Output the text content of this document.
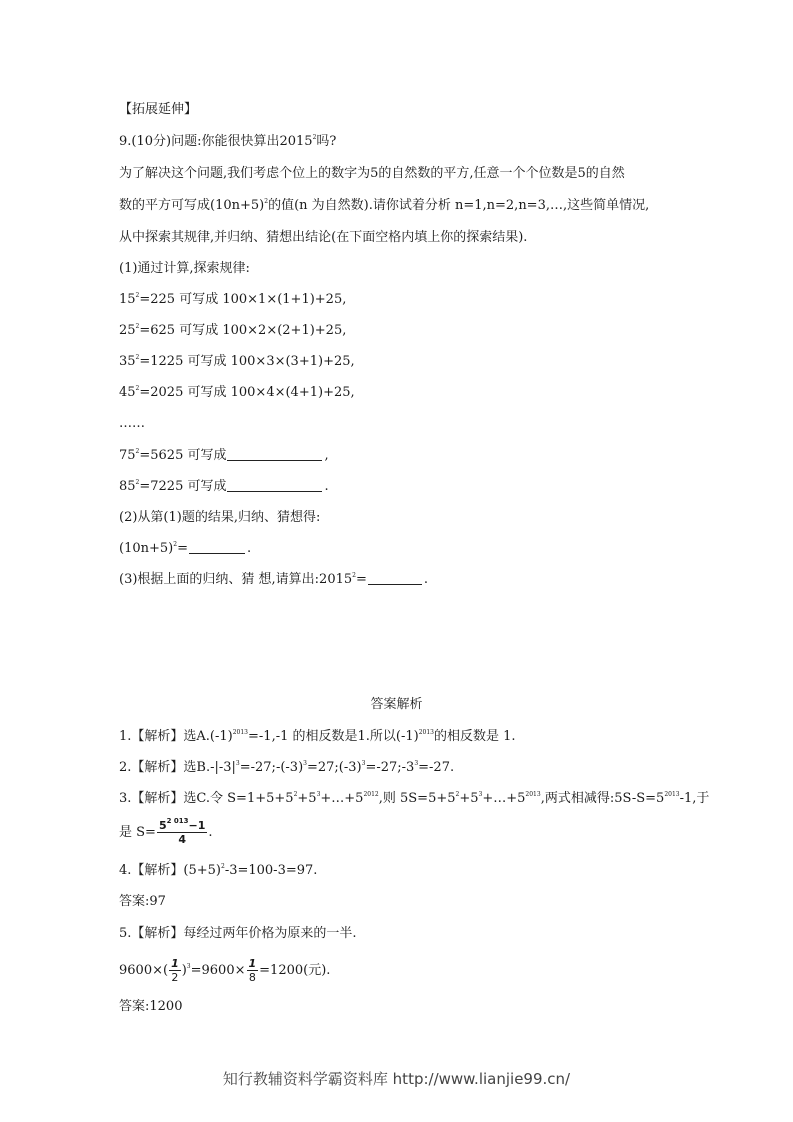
【拓展延伸】
9.(10分)问题:你能很快算出2015$^2$吗?
为了解决这个问题,我们考虑个位上的数字为5的自然数的平方,任意一个个位数是5的自然
数的平方可写成$(10n+5)^2$的值(n 为自然数).请你试着分析 n=1,n=2,n=3,…,这些简单情况,
从中探索其规律,并归纳、猜想出结论(在下面空格内填上你的探索结果).
(1)通过计算,探索规律:
$15^2=225$ 可写成 100×1×(1+1)+25,
$25^2=625$ 可写成 100×2×(2+1)+25,
$35^2=1225$ 可写成 100×3×(3+1)+25,
$45^2=2025$ 可写成 100×4×(4+1)+25,
……
$75^2=5625$ 可写成	,
$85^2=7225$ 可写成	.
(2)从第(1)题的结果,归纳、猜想得:
$(10n+5)^2=$	.
(3)根据上面的归纳、猜 想,请算出$:2015^2=$	.
答案解析
1.【解析】选$A.(-1)^{2013}=-1,-1$ 的相反数是1.所以$(-1)^{2013}$的相反数是 1.
2.【解析】选$B.-|-3|^3=-27;-(-3)^3=27;(-3)^3=-27;-3^3=-27$.
3.【解析】选C.令 $S=1+5+5^2+5^3+\dots+5^{2012}$,则 $5S=5+5^2+5^3+\dots+5^{2013}$,两式相减得$:5S-S=5^{2013}-1$,于
是 $S= \frac{5^{2 013}-1}{4}$ .
4.【解析】$(5+5)^2-3=100-3=97$.
答案:97
5.【解析】每经过两年价格为原来的一半.
$9600\times( \frac{1}{2} )^3=9600\times \frac{1}{8} =1200$(元).
答案:1200
知行教辅资料学霸资料库 http://www.lianjie99.cn/
